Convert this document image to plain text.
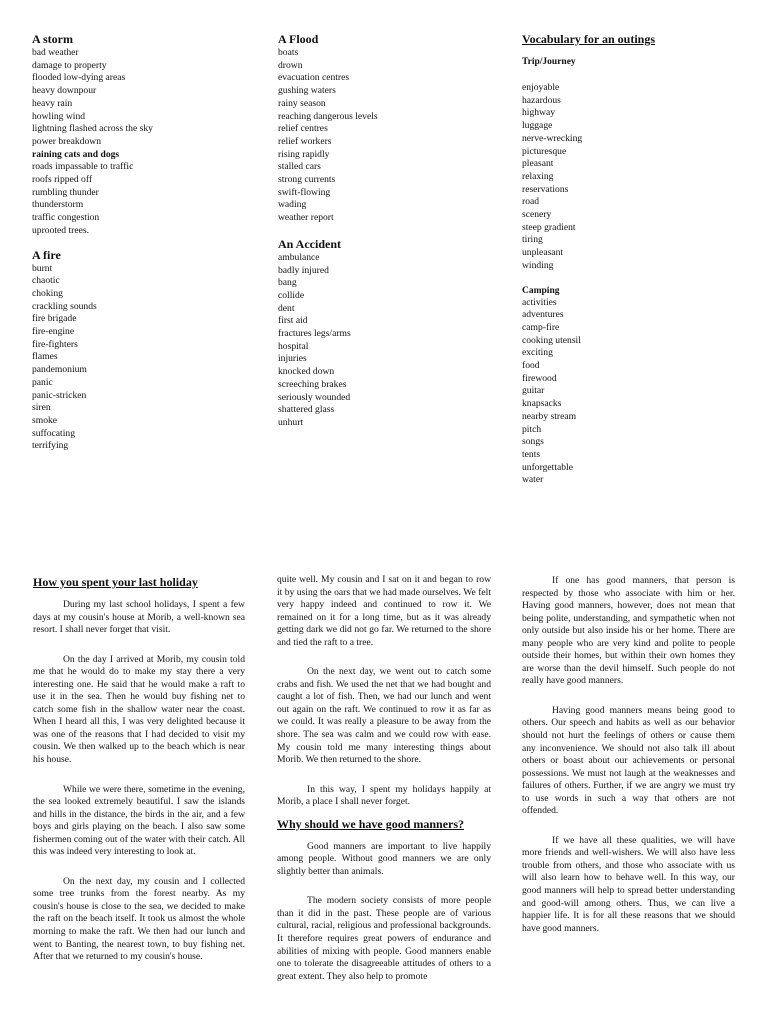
A storm
bad weather
damage to property
flooded low-dying areas
heavy downpour
heavy rain
howling wind
lightning flashed across the sky
power breakdown
raining cats and dogs
roads impassable to traffic
roofs ripped off
rumbling thunder
thunderstorm
traffic congestion
uprooted trees.
A fire
burnt
chaotic
choking
crackling sounds
fire brigade
fire-engine
fire-fighters
flames
pandemonium
panic
panic-stricken
siren
smoke
suffocating
terrifying
A Flood
boats
drown
evacuation centres
gushing waters
rainy season
reaching dangerous levels
relief centres
relief workers
rising rapidly
stalled cars
strong currents
swift-flowing
wading
weather report
An Accident
ambulance
badly injured
bang
collide
dent
first aid
fractures legs/arms
hospital
injuries
knocked down
screeching brakes
seriously wounded
shattered glass
unhurt
Vocabulary for an outings
Trip/Journey
enjoyable
hazardous
highway
luggage
nerve-wrecking
picturesque
pleasant
relaxing
reservations
road
scenery
steep gradient
tiring
unpleasant
winding
Camping
activities
adventures
camp-fire
cooking utensil
exciting
food
firewood
guitar
knapsacks
nearby stream
pitch
songs
tents
unforgettable
water
How you spent your last holiday

During my last school holidays, I spent a few days at my cousin's house at Morib, a well-known sea resort. I shall never forget that visit.

On the day I arrived at Morib, my cousin told me that he would do to make my stay there a very interesting one. He said that he would make a raft to use it in the sea. Then he would buy fishing net to catch some fish in the shallow water near the coast. When I heard all this, I was very delighted because it was one of the reasons that I had decided to visit my cousin. We then walked up to the beach which is near his house.

While we were there, sometime in the evening, the sea looked extremely beautiful. I saw the islands and hills in the distance, the birds in the air, and a few boys and girls playing on the beach. I also saw some fishermen coming out of the water with their catch. All this was indeed very interesting to look at.

On the next day, my cousin and I collected some tree trunks from the forest nearby. As my cousin's house is close to the sea, we decided to make the raft on the beach itself. It took us almost the whole morning to make the raft. We then had our lunch and went to Banting, the nearest town, to buy fishing net. After that we returned to my cousin's house.

quite well. My cousin and I sat on it and began to row it by using the oars that we had made ourselves. We felt very happy indeed and continued to row it. We remained on it for a long time, but as it was already getting dark we did not go far. We returned to the shore and tied the raft to a tree.

On the next day, we went out to catch some crabs and fish. We used the net that we had bought and caught a lot of fish. Then, we had our lunch and went out again on the raft. We continued to row it as far as we could. It was really a pleasure to be away from the shore. The sea was calm and we could row with ease. My cousin told me many interesting things about Morib. We then returned to the shore.

In this way, I spent my holidays happily at Morib, a place I shall never forget.

Why should we have good manners?

Good manners are important to live happily among people. Without good manners we are only slightly better than animals.

The modern society consists of more people than it did in the past. These people are of various cultural, racial, religious and professional backgrounds. It therefore requires great powers of endurance and abilities of mixing with people. Good manners enable one to tolerate the disagreeable attitudes of others to a great extent. They also help to promote

If one has good manners, that person is respected by those who associate with him or her. Having good manners, however, does not mean that being polite, understanding, and sympathetic when not only outside but also inside his or her home. There are many people who are very kind and polite to people outside their homes, but within their own homes they are worse than the devil himself. Such people do not really have good manners.

Having good manners means being good to others. Our speech and habits as well as our behavior should not hurt the feelings of others or cause them any inconvenience. We should not also talk ill about others or boast about our achievements or personal possessions. We must not laugh at the weaknesses and failures of others. Further, if we are angry we must try to use words in such a way that others are not offended.

If we have all these qualities, we will have more friends and well-wishers. We will also have less trouble from others, and those who associate with us will also learn how to behave well. In this way, our good manners will help to spread better understanding and good-will among others. Thus, we can live a happier life. It is for all these reasons that we should have good manners.
